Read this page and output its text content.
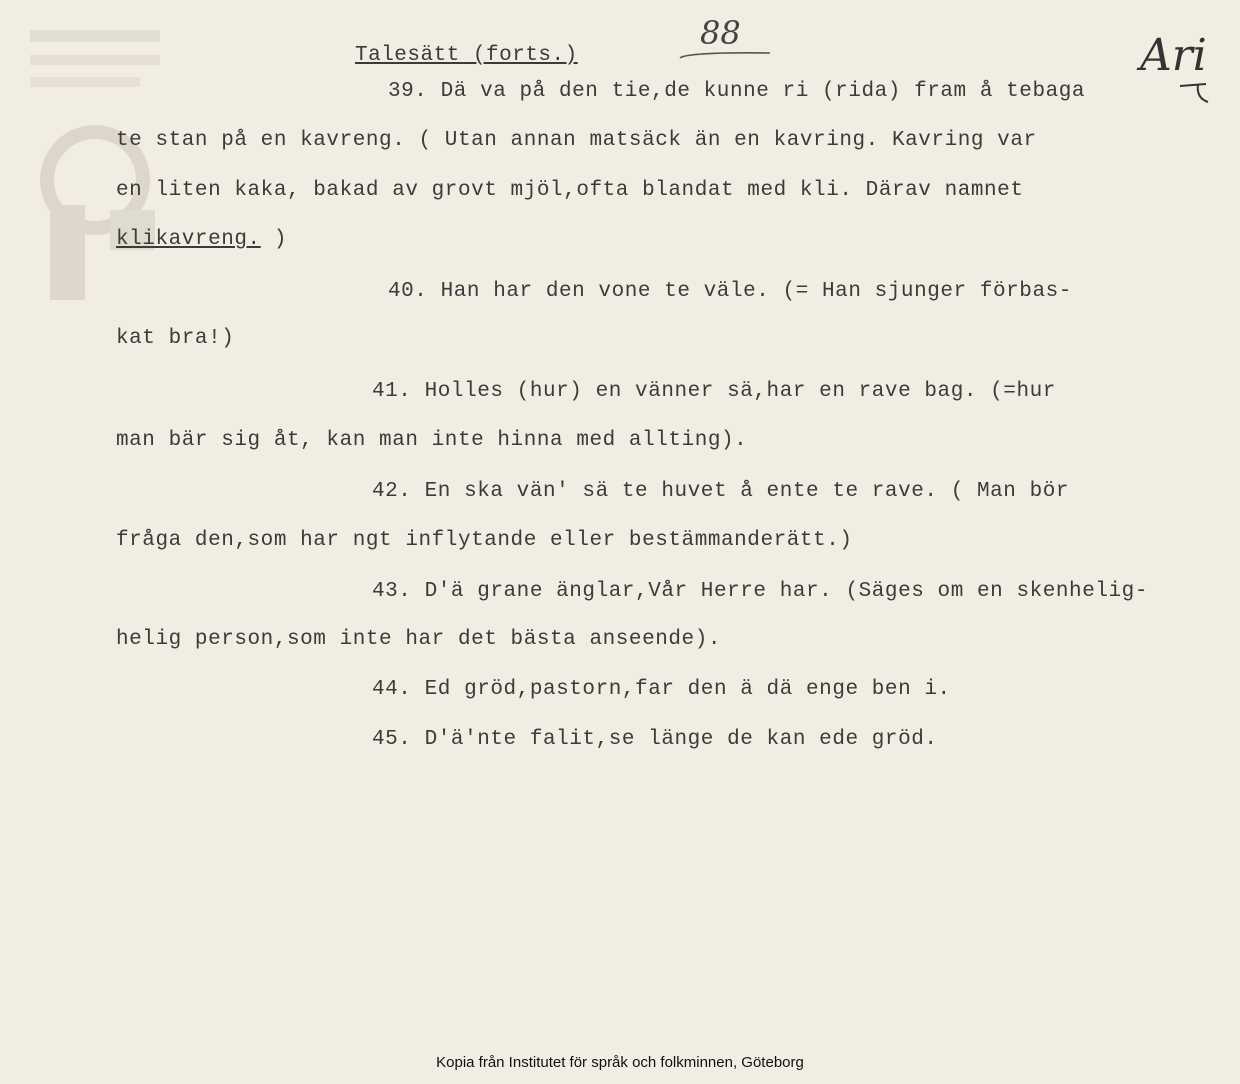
Talesätt (forts.)
88	Ari
39. Dä va på den tie,de kunne ri (rida) fram å tebaga
te stan på en kavreng. ( Utan annan matsäck än en kavring. Kavring var
en liten kaka, bakad av grovt mjöl,ofta blandat med kli. Därav namnet
klikavreng. )
40. Han har den vone te väle. (= Han sjunger förbas-
kat bra!)
41. Holles (hur) en vänner sä,har en rave bag. (=hur
man bär sig åt, kan man inte hinna med allting).
42. En ska vän' sä te huvet å ente te rave. ( Man bör
fråga den,som har ngt inflytande eller bestämmanderätt.)
43. D'ä grane änglar,Vår Herre har. (Säges om en skenhelig-
helig person,som inte har det bästa anseende).
44. Ed gröd,pastorn,far den ä dä enge ben i.
45. D'ä'nte falit,se länge de kan ede gröd.
Kopia från Institutet för språk och folkminnen, Göteborg
